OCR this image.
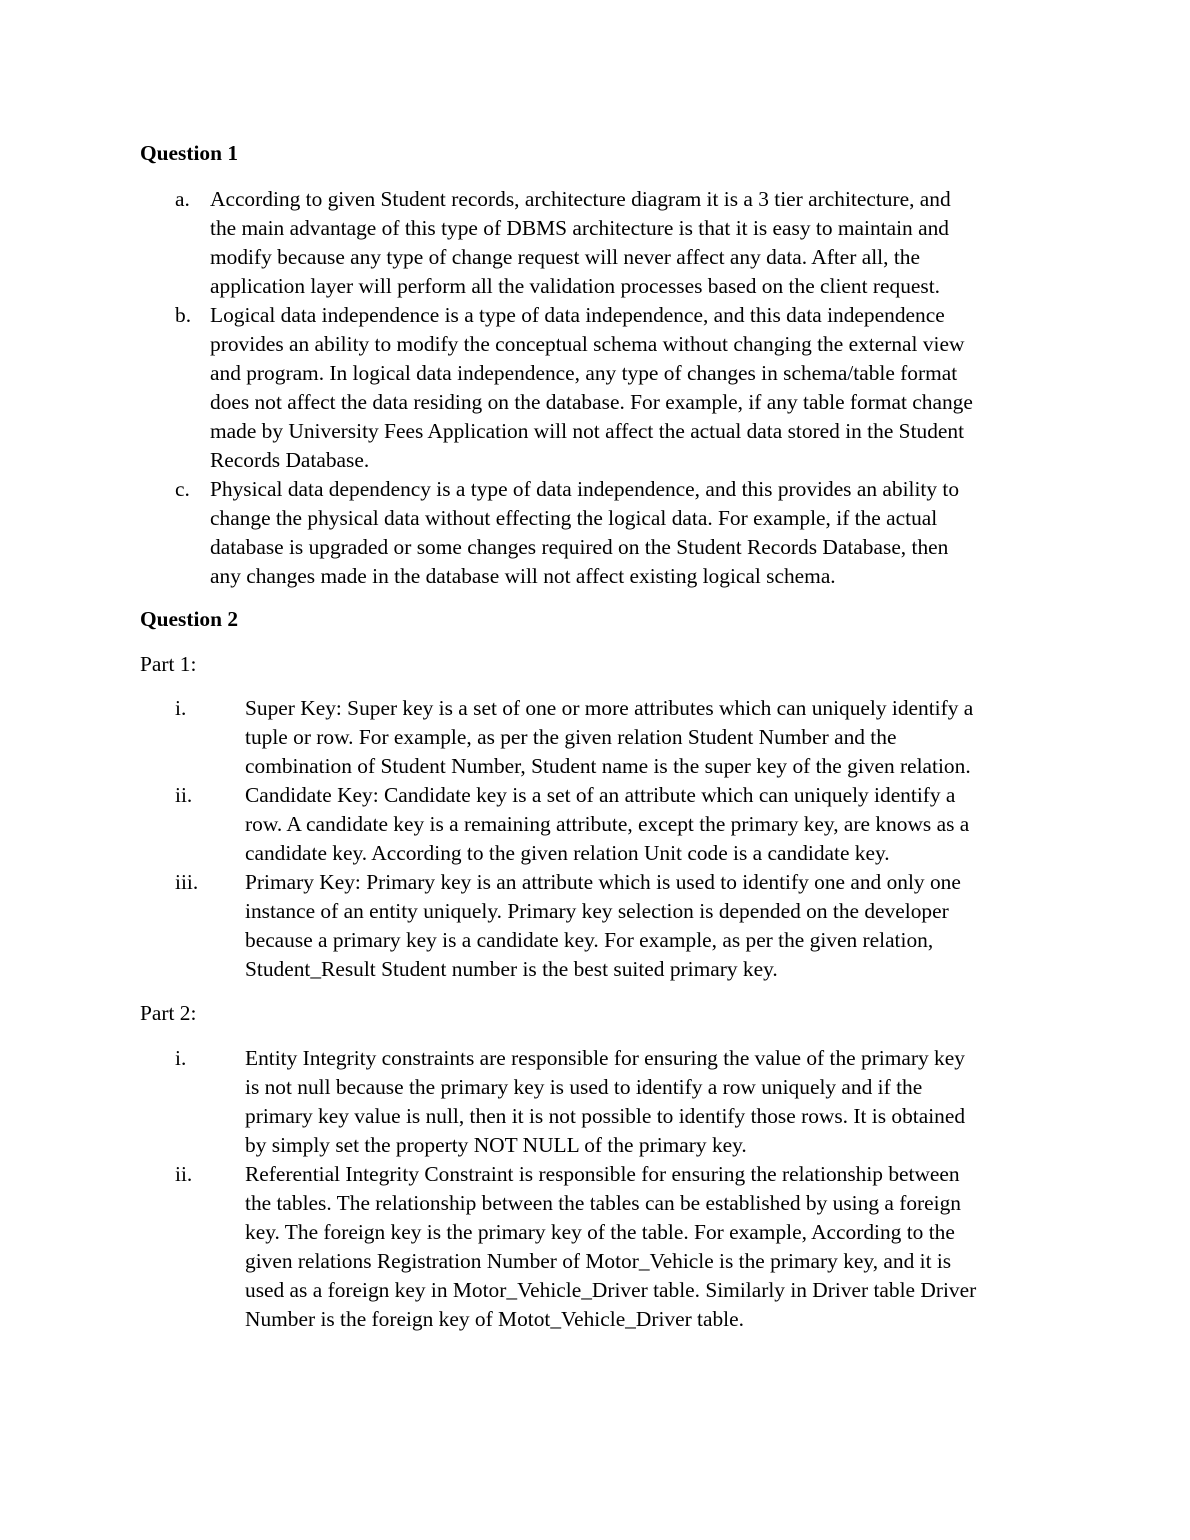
Question 1
a. According to given Student records, architecture diagram it is a 3 tier architecture, and
the main advantage of this type of DBMS architecture is that it is easy to maintain and
modify because any type of change request will never affect any data. After all, the
application layer will perform all the validation processes based on the client request.
b. Logical data independence is a type of data independence, and this data independence
provides an ability to modify the conceptual schema without changing the external view
and program. In logical data independence, any type of changes in schema/table format
does not affect the data residing on the database. For example, if any table format change
made by University Fees Application will not affect the actual data stored in the Student
Records Database.
c. Physical data dependency is a type of data independence, and this provides an ability to
change the physical data without effecting the logical data. For example, if the actual
database is upgraded or some changes required on the Student Records Database, then
any changes made in the database will not affect existing logical schema.
Question 2
Part 1:
i.	Super Key: Super key is a set of one or more attributes which can uniquely identify a
tuple or row. For example, as per the given relation Student Number and the
combination of Student Number, Student name is the super key of the given relation.
ii.	Candidate Key: Candidate key is a set of an attribute which can uniquely identify a
row. A candidate key is a remaining attribute, except the primary key, are knows as a
candidate key. According to the given relation Unit code is a candidate key.
iii.	Primary Key: Primary key is an attribute which is used to identify one and only one
instance of an entity uniquely. Primary key selection is depended on the developer
because a primary key is a candidate key. For example, as per the given relation,
Student_Result Student number is the best suited primary key.
Part 2:
i.	Entity Integrity constraints are responsible for ensuring the value of the primary key
is not null because the primary key is used to identify a row uniquely and if the
primary key value is null, then it is not possible to identify those rows. It is obtained
by simply set the property NOT NULL of the primary key.
ii.	Referential Integrity Constraint is responsible for ensuring the relationship between
the tables. The relationship between the tables can be established by using a foreign
key. The foreign key is the primary key of the table. For example, According to the
given relations Registration Number of Motor_Vehicle is the primary key, and it is
used as a foreign key in Motor_Vehicle_Driver table. Similarly in Driver table Driver
Number is the foreign key of Motot_Vehicle_Driver table.
